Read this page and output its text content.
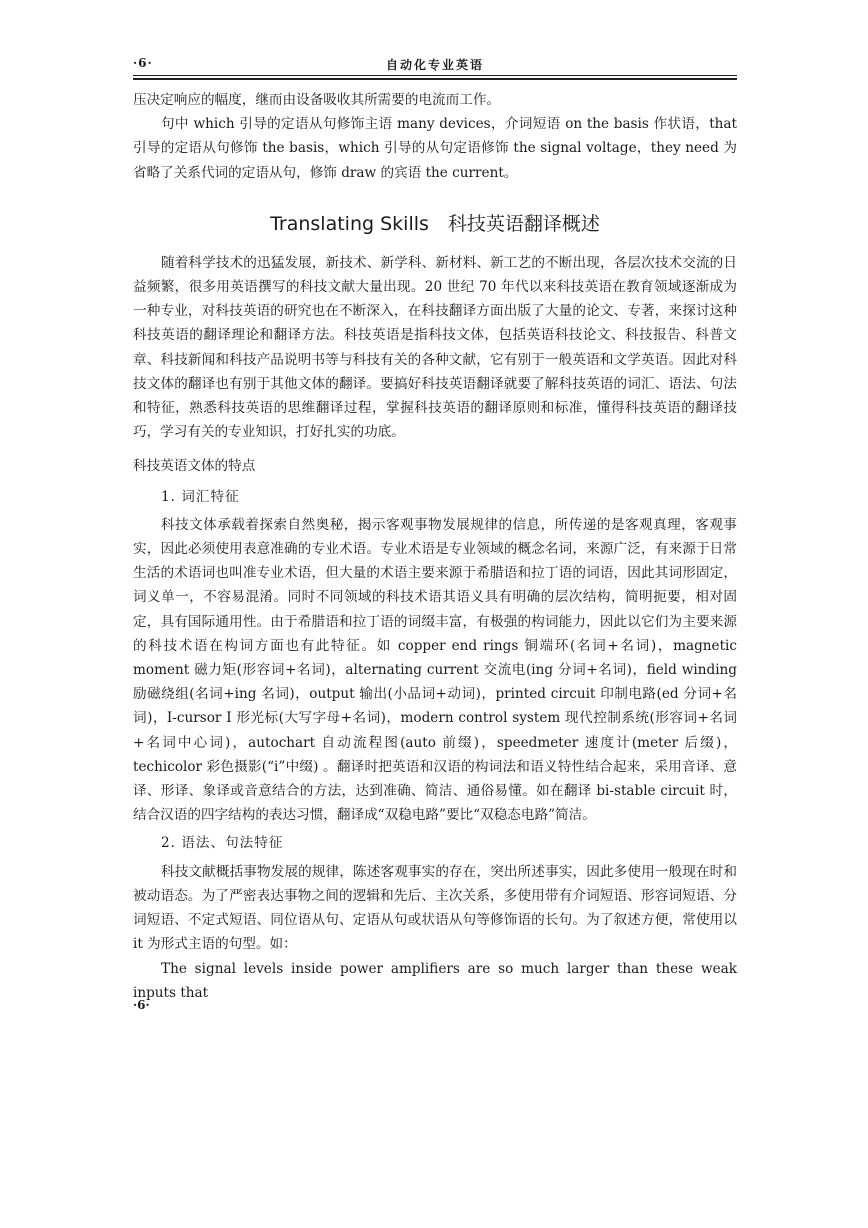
·6·	自动化专业英语

压决定响应的幅度，继而由设备吸收其所需要的电流而工作。

句中 which 引导的定语从句修饰主语 many devices，介词短语 on the basis 作状语，that 引导的定语从句修饰 the basis，which 引导的从句定语修饰 the signal voltage，they need 为省略了关系代词的定语从句，修饰 draw 的宾语 the current。

Translating Skills　科技英语翻译概述

随着科学技术的迅猛发展，新技术、新学科、新材料、新工艺的不断出现，各层次技术交流的日益频繁，很多用英语撰写的科技文献大量出现。20 世纪 70 年代以来科技英语在教育领域逐渐成为一种专业，对科技英语的研究也在不断深入，在科技翻译方面出版了大量的论文、专著，来探讨这种科技英语的翻译理论和翻译方法。科技英语是指科技文体，包括英语科技论文、科技报告、科普文章、科技新闻和科技产品说明书等与科技有关的各种文献，它有别于一般英语和文学英语。因此对科技文体的翻译也有别于其他文体的翻译。要搞好科技英语翻译就要了解科技英语的词汇、语法、句法和特征，熟悉科技英语的思维翻译过程，掌握科技英语的翻译原则和标准，懂得科技英语的翻译技巧，学习有关的专业知识，打好扎实的功底。

科技英语文体的特点

1. 词汇特征

科技文体承载着探索自然奥秘，揭示客观事物发展规律的信息，所传递的是客观真理，客观事实，因此必须使用表意准确的专业术语。专业术语是专业领域的概念名词，来源广泛，有来源于日常生活的术语词也叫准专业术语，但大量的术语主要来源于希腊语和拉丁语的词语，因此其词形固定，词义单一，不容易混淆。同时不同领域的科技术语其语义具有明确的层次结构，简明扼要，相对固定，具有国际通用性。由于希腊语和拉丁语的词缀丰富，有极强的构词能力，因此以它们为主要来源的科技术语在构词方面也有此特征。如 copper end rings 铜端环(名词+名词)，magnetic moment 磁力矩(形容词+名词)，alternating current 交流电(ing 分词+名词)，field winding 励磁绕组(名词+ing 名词)，output 输出(小品词+动词)，printed circuit 印制电路(ed 分词+名词)，I-cursor I 形光标(大写字母+名词)，modern control system 现代控制系统(形容词+名词+名词中心词)，autochart 自动流程图(auto 前缀)，speedmeter 速度计(meter 后缀)，techicolor 彩色摄影(“i”中缀) 。翻译时把英语和汉语的构词法和语义特性结合起来，采用音译、意译、形译、象译或音意结合的方法，达到准确、简洁、通俗易懂。如在翻译 bi-stable circuit 时，结合汉语的四字结构的表达习惯，翻译成“双稳电路”要比“双稳态电路”简洁。

2. 语法、句法特征

科技文献概括事物发展的规律，陈述客观事实的存在，突出所述事实，因此多使用一般现在时和被动语态。为了严密表达事物之间的逻辑和先后、主次关系，多使用带有介词短语、形容词短语、分词短语、不定式短语、同位语从句、定语从句或状语从句等修饰语的长句。为了叙述方便，常使用以 it 为形式主语的句型。如：

The signal levels inside power amplifiers are so much larger than these weak inputs that

·6·
